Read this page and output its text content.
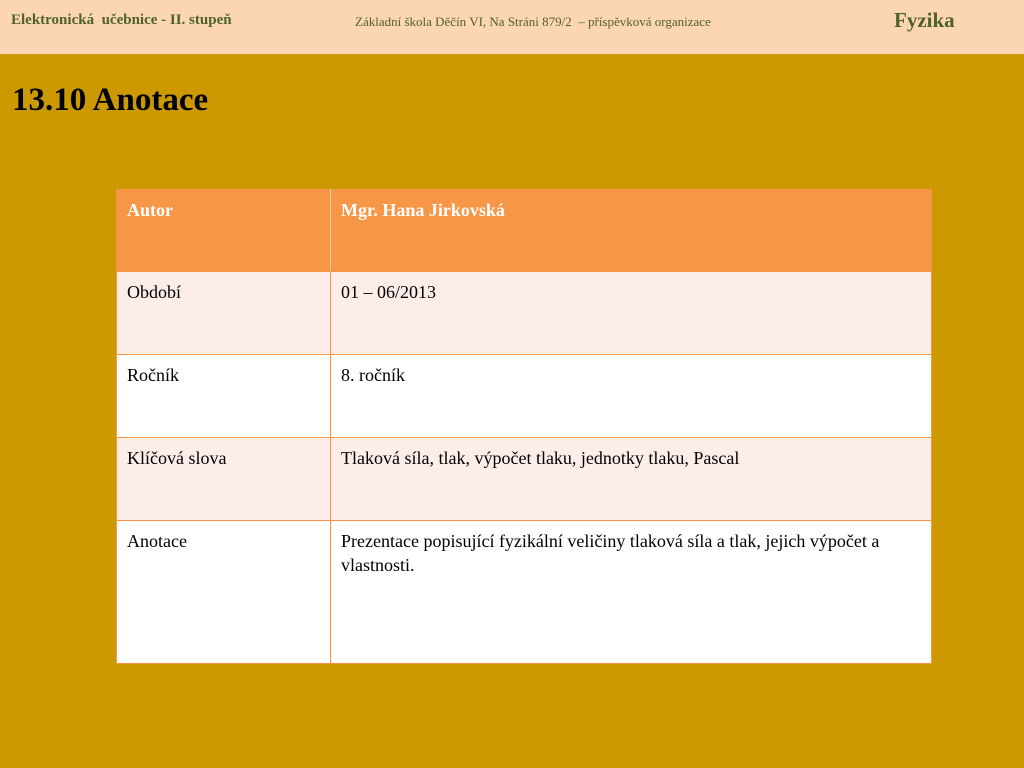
Elektronická  učebnice - II. stupeň	Základní škola Děčín VI, Na Stráni 879/2  – příspěvková organizace	Fyzika
13.10 Anotace
Autor	Mgr. Hana Jirkovská
Období	01 – 06/2013
Ročník	8. ročník
Klíčová slova	Tlaková síla, tlak, výpočet tlaku, jednotky tlaku, Pascal
Anotace	Prezentace popisující fyzikální veličiny tlaková síla a tlak, jejich výpočet a vlastnosti.
